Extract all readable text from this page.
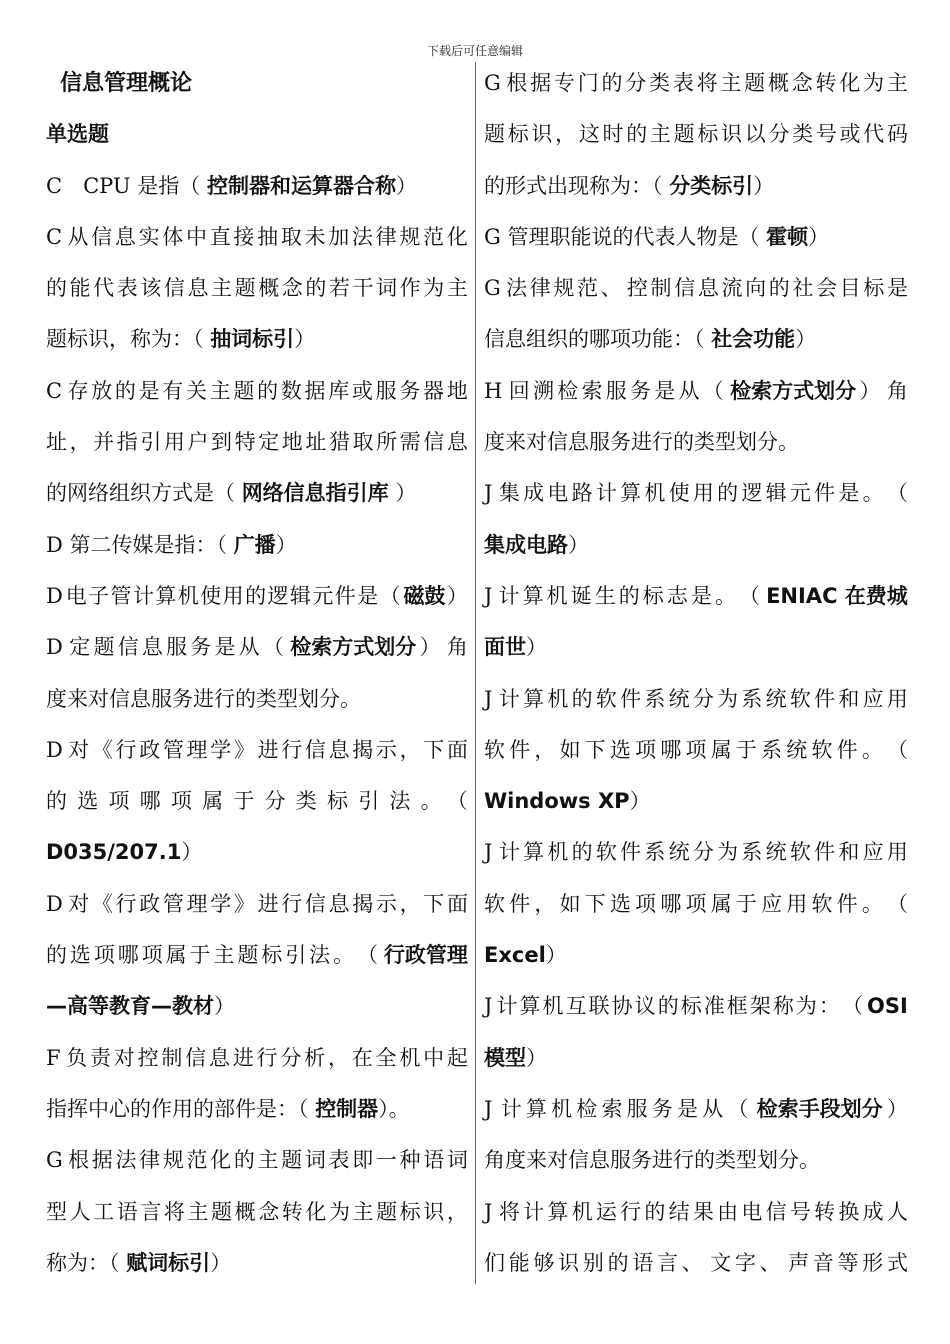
下载后可任意编辑
信息管理概论
单选题
C　CPU 是指（ 控制器和运算器合称）
C 从 信 息 实 体 中 直 接 抽 取 未 加 法 律 规 范 化
的 能 代 表 该 信 息 主 题 概 念 的 若 干 词 作 为 主
题标识，称为：（ 抽词标引）
C 存 放 的 是 有 关 主 题 的 数 据 库 或 服 务 器 地
址 ， 并 指 引 用 户 到 特 定 地 址 猎 取 所 需 信 息
的网络组织方式是（ 网络信息指引库 ）
D 第二传媒是指：（ 广播）
D 电 子 管 计 算 机 使 用 的 逻 辑 元 件 是 （ 磁鼓 ）
D 定 题 信 息 服 务 是 从 （ 检索方式划分 ） 角
度来对信息服务进行的类型划分。
D 对 《 行 政 管 理 学 》 进 行 信 息 揭 示 ， 下 面
的 选 项 哪 项 属 于 分 类 标 引 法 。 （
D035/207.1）
D 对 《 行 政 管 理 学 》 进 行 信 息 揭 示 ， 下 面
的 选 项 哪 项 属 于 主 题 标 引 法 。 （ 行政管理
—高等教育—教材）
F 负 责 对 控 制 信 息 进 行 分 析 ， 在 全 机 中 起
指挥中心的作用的部件是：（ 控制器）。
G 根 据 法 律 规 范 化 的 主 题 词 表 即 一 种 语 词
型 人 工 语 言 将 主 题 概 念 转 化 为 主 题 标 识 ，
称为：（ 赋词标引）
G 根 据 专 门 的 分 类 表 将 主 题 概 念 转 化 为 主
题 标 识 ， 这 时 的 主 题 标 识 以 分 类 号 或 代 码
的形式出现称为：（ 分类标引）
G 管理职能说的代表人物是（ 霍顿）
G 法 律 规 范 、 控 制 信 息 流 向 的 社 会 目 标 是
信息组织的哪项功能：（ 社会功能）
H 回 溯 检 索 服 务 是 从 （ 检索方式划分 ） 角
度来对信息服务进行的类型划分。
J 集 成 电 路 计 算 机 使 用 的 逻 辑 元 件 是 。 （
集成电路）
J 计 算 机 诞 生 的 标 志 是 。 （ ENIAC 在费城
面世）
J 计 算 机 的 软 件 系 统 分 为 系 统 软 件 和 应 用
软 件 ， 如 下 选 项 哪 项 属 于 系 统 软 件 。 （
Windows XP）
J 计 算 机 的 软 件 系 统 分 为 系 统 软 件 和 应 用
软 件 ， 如 下 选 项 哪 项 属 于 应 用 软 件 。 （
Excel）
J 计 算 机 互 联 协 议 的 标 准 框 架 称 为 ： （ OSI
模型）
J 计 算 机 检 索 服 务 是 从 （ 检索手段划分 ）
角度来对信息服务进行的类型划分。
J 将 计 算 机 运 行 的 结 果 由 电 信 号 转 换 成 人
们 能 够 识 别 的 语 言 、 文 字 、 声 音 等 形 式
